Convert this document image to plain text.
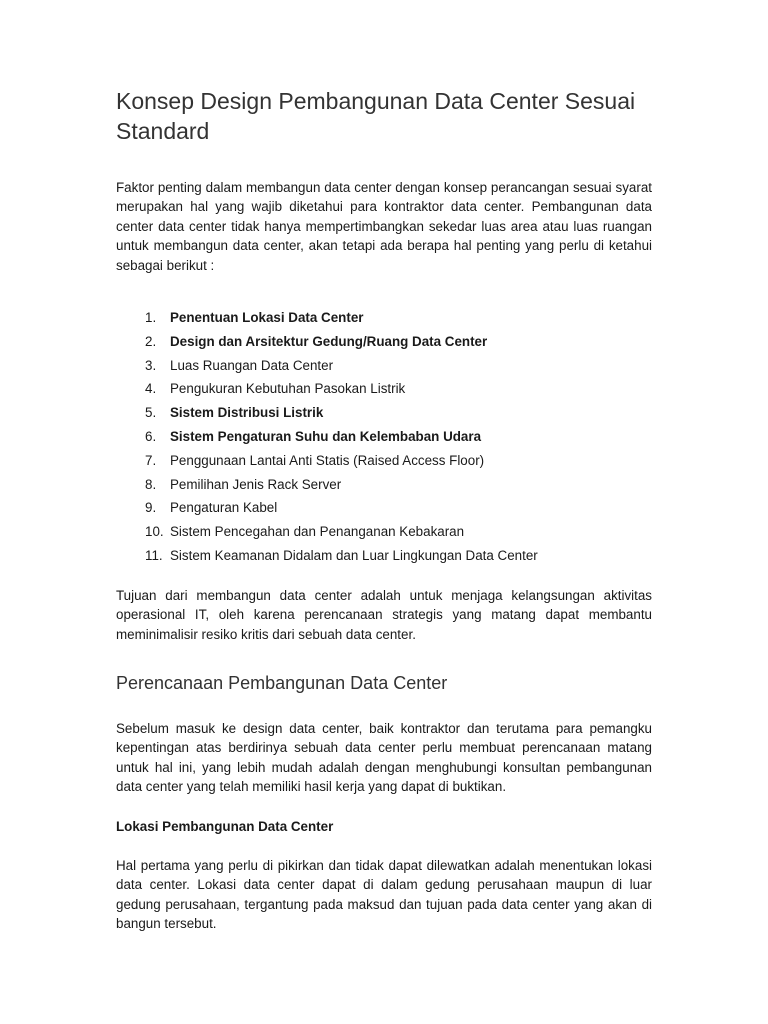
Konsep Design Pembangunan Data Center Sesuai Standard

Faktor penting dalam membangun data center dengan konsep perancangan sesuai syarat merupakan hal yang wajib diketahui para kontraktor data center. Pembangunan data center data center tidak hanya mempertimbangkan sekedar luas area atau luas ruangan untuk membangun data center, akan tetapi ada berapa hal penting yang perlu di ketahui sebagai berikut :

1. Penentuan Lokasi Data Center
2. Design dan Arsitektur Gedung/Ruang Data Center
3. Luas Ruangan Data Center
4. Pengukuran Kebutuhan Pasokan Listrik
5. Sistem Distribusi Listrik
6. Sistem Pengaturan Suhu dan Kelembaban Udara
7. Penggunaan Lantai Anti Statis (Raised Access Floor)
8. Pemilihan Jenis Rack Server
9. Pengaturan Kabel
10. Sistem Pencegahan dan Penanganan Kebakaran
11. Sistem Keamanan Didalam dan Luar Lingkungan Data Center

Tujuan dari membangun data center adalah untuk menjaga kelangsungan aktivitas operasional IT, oleh karena perencanaan strategis yang matang dapat membantu meminimalisir resiko kritis dari sebuah data center.

Perencanaan Pembangunan Data Center

Sebelum masuk ke design data center, baik kontraktor dan terutama para pemangku kepentingan atas berdirinya sebuah data center perlu membuat perencanaan matang untuk hal ini, yang lebih mudah adalah dengan menghubungi konsultan pembangunan data center yang telah memiliki hasil kerja yang dapat di buktikan.

Lokasi Pembangunan Data Center

Hal pertama yang perlu di pikirkan dan tidak dapat dilewatkan adalah menentukan lokasi data center. Lokasi data center dapat di dalam gedung perusahaan maupun di luar gedung perusahaan, tergantung pada maksud dan tujuan pada data center yang akan di bangun tersebut.
